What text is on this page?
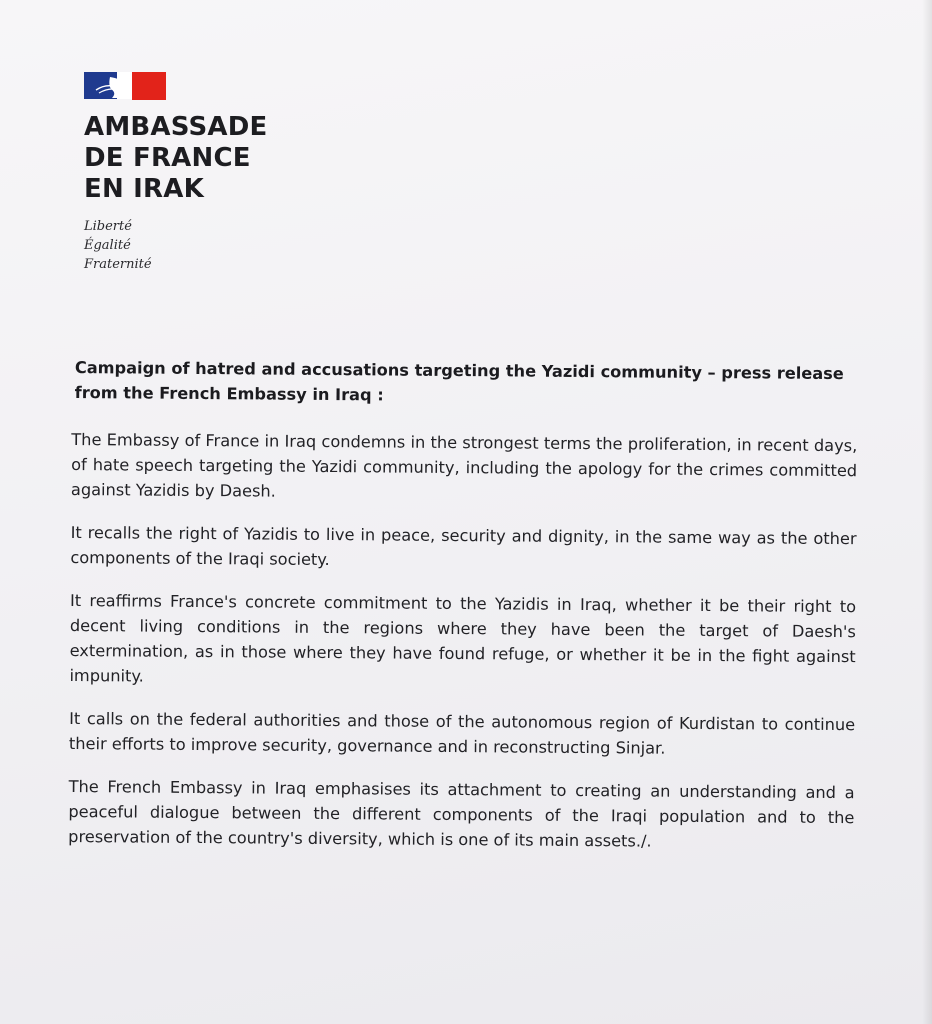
AMBASSADE
DE FRANCE
EN IRAK
Liberté
Égalité
Fraternité
Campaign of hatred and accusations targeting the Yazidi community – press release from the French Embassy in Iraq :

The Embassy of France in Iraq condemns in the strongest terms the proliferation, in recent days, of hate speech targeting the Yazidi community, including the apology for the crimes committed against Yazidis by Daesh.

It recalls the right of Yazidis to live in peace, security and dignity, in the same way as the other components of the Iraqi society.

It reaffirms France's concrete commitment to the Yazidis in Iraq, whether it be their right to decent living conditions in the regions where they have been the target of Daesh's extermination, as in those where they have found refuge, or whether it be in the fight against impunity.

It calls on the federal authorities and those of the autonomous region of Kurdistan to continue their efforts to improve security, governance and in reconstructing Sinjar.

The French Embassy in Iraq emphasises its attachment to creating an understanding and a peaceful dialogue between the different components of the Iraqi population and to the preservation of the country's diversity, which is one of its main assets./.
